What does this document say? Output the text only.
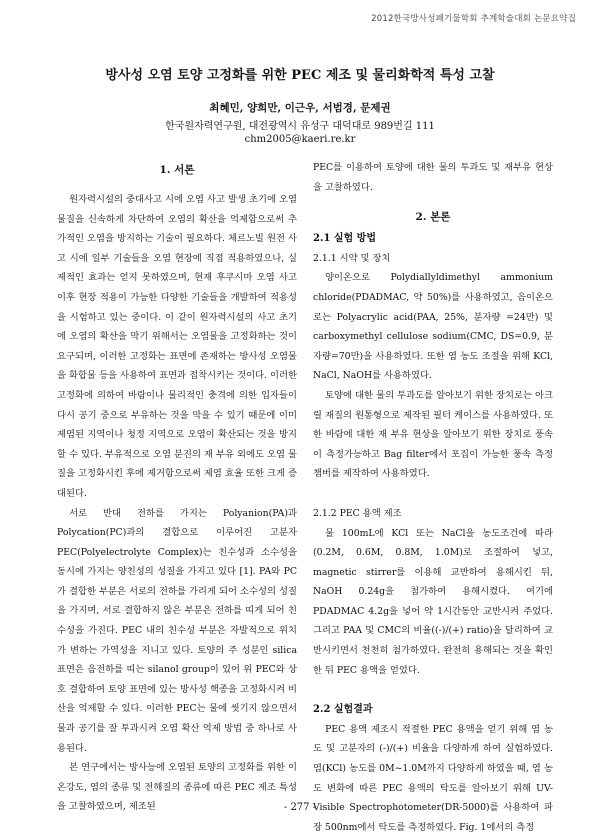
2012한국방사성폐기물학회 추계학술대회 논문요약집
방사성 오염 토양 고정화를 위한 PEC 제조 및 물리화학적 특성 고찰
최혜민, 양희만, 이근우, 서범경, 문제권
한국원자력연구원, 대전광역시 유성구 대덕대로 989번길 111
chm2005@kaeri.re.kr
1. 서론

원자력시설의 중대사고 시에 오염 사고 발생 초기에 오염물질을 신속하게 차단하여 오염의 확산을 억제함으로써 추가적인 오염을 방지하는 기술이 필요하다. 체르노빌 원전 사고 시에 일부 기술들을 오염 현장에 직접 적용하였으나, 실제적인 효과는 얻지 못하였으며, 현재 후쿠시마 오염 사고 이후 현장 적용이 가능한 다양한 기술들을 개발하여 적용성을 시험하고 있는 중이다. 이 같이 원자력시설의 사고 초기에 오염의 확산을 막기 위해서는 오염물을 고정화하는 것이 요구되며, 이러한 고정화는 표면에 존재하는 방사성 오염물을 화합물 등을 사용하여 표면과 접착시키는 것이다. 이러한 고정화에 의하여 바람이나 물리적인 충격에 의한 입자들이 다시 공기 중으로 부유하는 것을 막을 수 있기 때문에 이미 제염된 지역이나 청정 지역으로 오염이 확산되는 것을 방지할 수 있다. 부유적으로 오염 분진의 재 부유 외에도 오염 물질을 고정화시킨 후에 제거함으로써 제염 효율 또한 크게 증대된다.

서로 반대 전하를 가지는 Polyanion(PA)과 Polycation(PC)과의 결합으로 이루어진 고분자 PEC(Polyelectrolyte Complex)는 친수성과 소수성을 동시에 가지는 양친성의 성질을 가지고 있다 [1]. PA와 PC가 결합한 부분은 서로의 전하를 가리게 되어 소수성의 성질을 가지며, 서로 결합하지 않은 부분은 전하를 띠게 되어 친수성을 가진다. PEC 내의 친수성 부분은 자발적으로 위치가 변하는 가역성을 지니고 있다. 토양의 주 성분인 silica 표면은 음전하를 띠는 silanol group이 있어 위 PEC와 상호 결합하여 토양 표면에 있는 방사성 핵종을 고정화시켜 비산을 억제할 수 있다. 이러한 PEC는 물에 씻기지 않으면서 물과 공기를 잘 투과시켜 오염 확산 억제 방법 중 하나로 사용된다.

본 연구에서는 방사능에 오염된 토양의 고정화를 위한 이온강도, 염의 종류 및 전해질의 종류에 따른 PEC 제조 특성을 고찰하였으며, 제조된

PEC를 이용하여 토양에 대한 물의 투과도 및 재부유 현상을 고찰하였다.

2. 본론
2.1 실험 방법
2.1.1 시약 및 장치

양이온으로 Polydiallyldimethyl ammonium chloride(PDADMAC, 약 50%)를 사용하였고, 음이온으로는 Polyacrylic acid(PAA, 25%, 분자량 =24만) 및 carboxymethyl cellulose sodium(CMC, DS=0.9, 분자량=70만)을 사용하였다. 또한 염 농도 조절을 위해 KCl, NaCl, NaOH를 사용하였다.

토양에 대한 물의 투과도를 알아보기 위한 장치로는 아크릴 재질의 원통형으로 제작된 필터 케이스를 사용하였다. 또한 바람에 대한 재 부유 현상을 알아보기 위한 장치로 풍속이 측정가능하고 Bag filter에서 포집이 가능한 풍속 측정 챔버를 제작하여 사용하였다.

2.1.2 PEC 용액 제조

물 100mL에 KCl 또는 NaCl을 농도조건에 따라(0.2M, 0.6M, 0.8M, 1.0M)로 조절하여 넣고, magnetic stirrer를 이용해 교반하여 용해시킨 뒤, NaOH 0.24g을 첨가하여 용해시켰다. 여기에 PDADMAC 4.2g을 넣어 약 1시간동안 교반시켜 주었다. 그리고 PAA 및 CMC의 비율((-)/(+) ratio)을 달리하여 교반시키면서 천천히 첨가하였다. 완전히 용해되는 것을 확인한 뒤 PEC 용액을 얻었다.

2.2 실험결과

PEC 용액 제조시 적절한 PEC 용액을 얻기 위해 염 농도 및 고분자의 (-)/(+) 비율을 다양하게 하여 실험하였다. 염(KCl) 농도를 0M~1.0M까지 다양하게 하였을 때, 염 농도 변화에 따른 PEC 용액의 탁도를 알아보기 위해 UV-Visible Spectrophotometer(DR-5000)를 사용하여 파장 500nm에서 탁도를 측정하였다. Fig. 1에서의 측정

- 277 -
